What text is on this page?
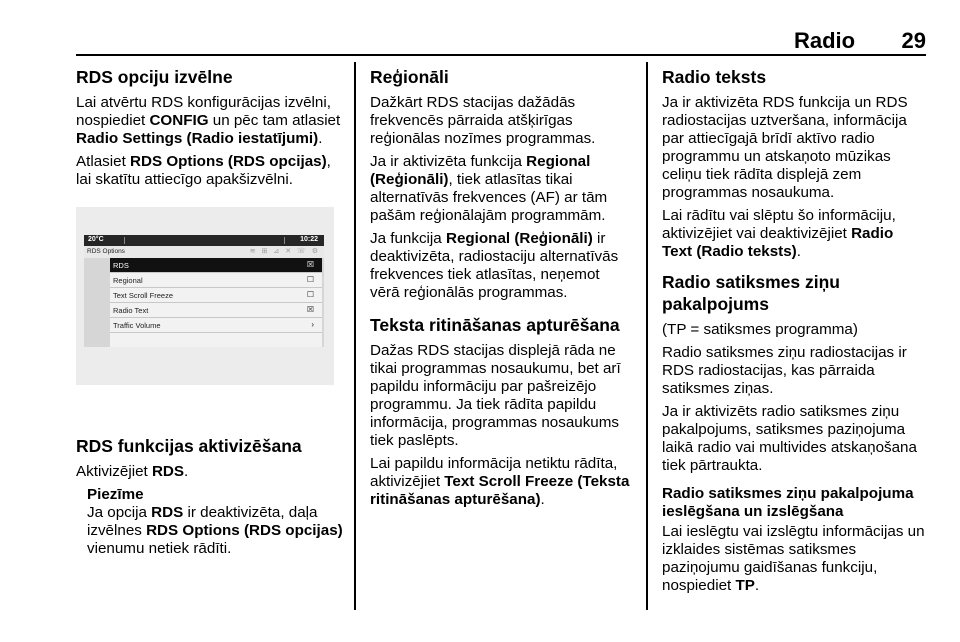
Radio 29
RDS opciju izvēlne

Lai atvērtu RDS konfigurācijas izvēlni, nospiediet CONFIG un pēc tam atlasiet Radio Settings (Radio iestatījumi).

Atlasiet RDS Options (RDS opcijas), lai skatītu attiecīgo apakšizvēlni.

20°C	10:22
RDS Options	≋ ⊞ ⊿ ✕ ☏ ⚙
RDS	☒
Regional	☐
Text Scroll Freeze	☐
Radio Text	☒
Traffic Volume	›
RDS funkcijas aktivizēšana

Aktivizējiet RDS.

Piezīme

Ja opcija RDS ir deaktivizēta, daļa izvēlnes RDS Options (RDS opcijas) vienumu netiek rādīti.

Reģionāli

Dažkārt RDS stacijas dažādās frekvencēs pārraida atšķirīgas reģionālas nozīmes programmas.

Ja ir aktivizēta funkcija Regional (Reģionāli), tiek atlasītas tikai alternatīvās frekvences (AF) ar tām pašām reģionālajām programmām.

Ja funkcija Regional (Reģionāli) ir deaktivizēta, radiostaciju alternatīvās frekvences tiek atlasītas, neņemot vērā reģionālās programmas.

Teksta ritināšanas apturēšana

Dažas RDS stacijas displejā rāda ne tikai programmas nosaukumu, bet arī papildu informāciju par pašreizējo programmu. Ja tiek rādīta papildu informācija, programmas nosaukums tiek paslēpts.

Lai papildu informācija netiktu rādīta, aktivizējiet Text Scroll Freeze (Teksta ritināšanas apturēšana).

Radio teksts

Ja ir aktivizēta RDS funkcija un RDS radiostacijas uztveršana, informācija par attiecīgajā brīdī aktīvo radio programmu un atskaņoto mūzikas celiņu tiek rādīta displejā zem programmas nosaukuma.

Lai rādītu vai slēptu šo informāciju, aktivizējiet vai deaktivizējiet Radio Text (Radio teksts).

Radio satiksmes ziņu pakalpojums

(TP = satiksmes programma)

Radio satiksmes ziņu radiostacijas ir RDS radiostacijas, kas pārraida satiksmes ziņas.

Ja ir aktivizēts radio satiksmes ziņu pakalpojums, satiksmes paziņojuma laikā radio vai multivides atskaņošana tiek pārtraukta.

Radio satiksmes ziņu pakalpojuma ieslēgšana un izslēgšana

Lai ieslēgtu vai izslēgtu informācijas un izklaides sistēmas satiksmes paziņojumu gaidīšanas funkciju, nospiediet TP.
